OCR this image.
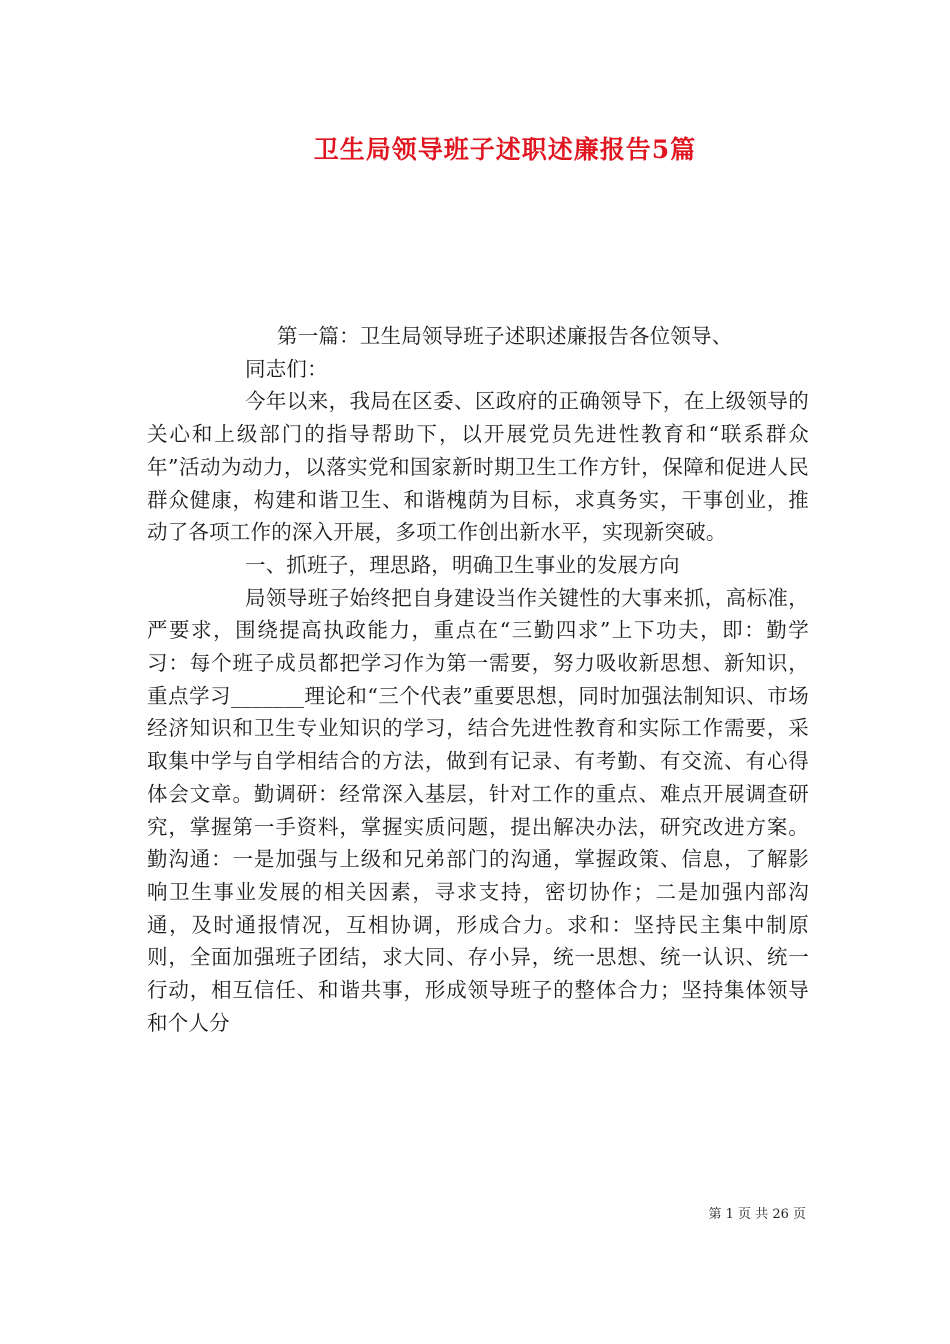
卫生局领导班子述职述廉报告5篇

第一篇：卫生局领导班子述职述廉报告各位领导、

同志们：

今年以来，我局在区委、区政府的正确领导下，在上级领导的关心和上级部门的指导帮助下，以开展党员先进性教育和“联系群众年”活动为动力，以落实党和国家新时期卫生工作方针，保障和促进人民群众健康，构建和谐卫生、和谐槐荫为目标，求真务实，干事创业，推动了各项工作的深入开展，多项工作创出新水平，实现新突破。

一、抓班子，理思路，明确卫生事业的发展方向

局领导班子始终把自身建设当作关键性的大事来抓，高标准，严要求，围绕提高执政能力，重点在“三勤四求”上下功夫，即：勤学习：每个班子成员都把学习作为第一需要，努力吸收新思想、新知识，重点学习_______理论和“三个代表”重要思想，同时加强法制知识、市场经济知识和卫生专业知识的学习，结合先进性教育和实际工作需要，采取集中学与自学相结合的方法，做到有记录、有考勤、有交流、有心得体会文章。勤调研：经常深入基层，针对工作的重点、难点开展调查研究，掌握第一手资料，掌握实质问题，提出解决办法，研究改进方案。勤沟通：一是加强与上级和兄弟部门的沟通，掌握政策、信息，了解影响卫生事业发展的相关因素，寻求支持，密切协作；二是加强内部沟通，及时通报情况，互相协调，形成合力。求和：坚持民主集中制原则，全面加强班子团结，求大同、存小异，统一思想、统一认识、统一行动，相互信任、和谐共事，形成领导班子的整体合力；坚持集体领导和个人分

第 1 页 共 26 页
